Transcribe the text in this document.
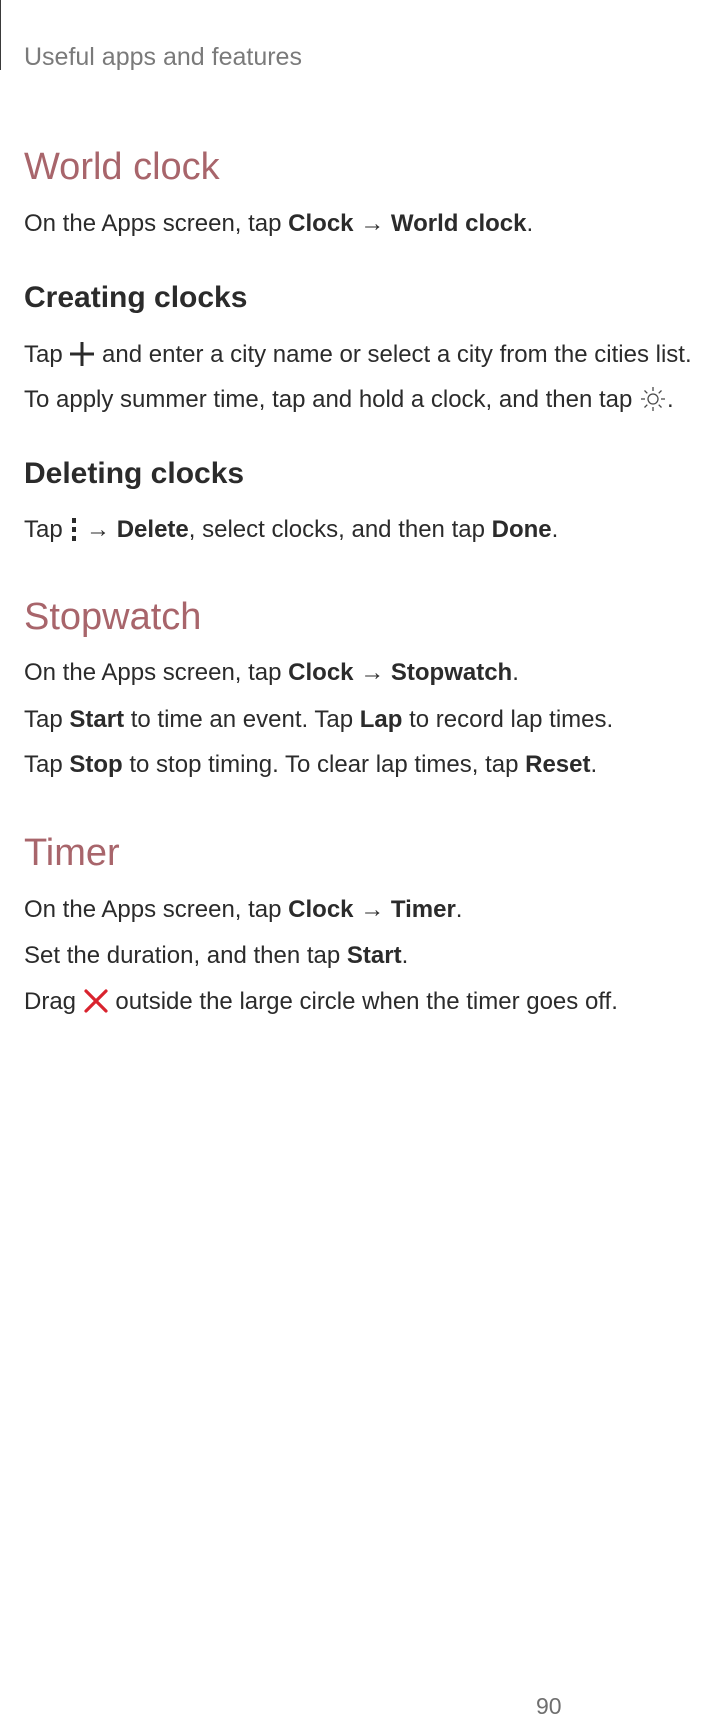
Useful apps and features
World clock
On the Apps screen, tap Clock → World clock.
Creating clocks
Tap  and enter a city name or select a city from the cities list.
To apply summer time, tap and hold a clock, and then tap .
Deleting clocks
Tap  → Delete, select clocks, and then tap Done.
Stopwatch
On the Apps screen, tap Clock → Stopwatch.
Tap Start to time an event. Tap Lap to record lap times.
Tap Stop to stop timing. To clear lap times, tap Reset.
Timer
On the Apps screen, tap Clock → Timer.
Set the duration, and then tap Start.
Drag  outside the large circle when the timer goes off.
90
